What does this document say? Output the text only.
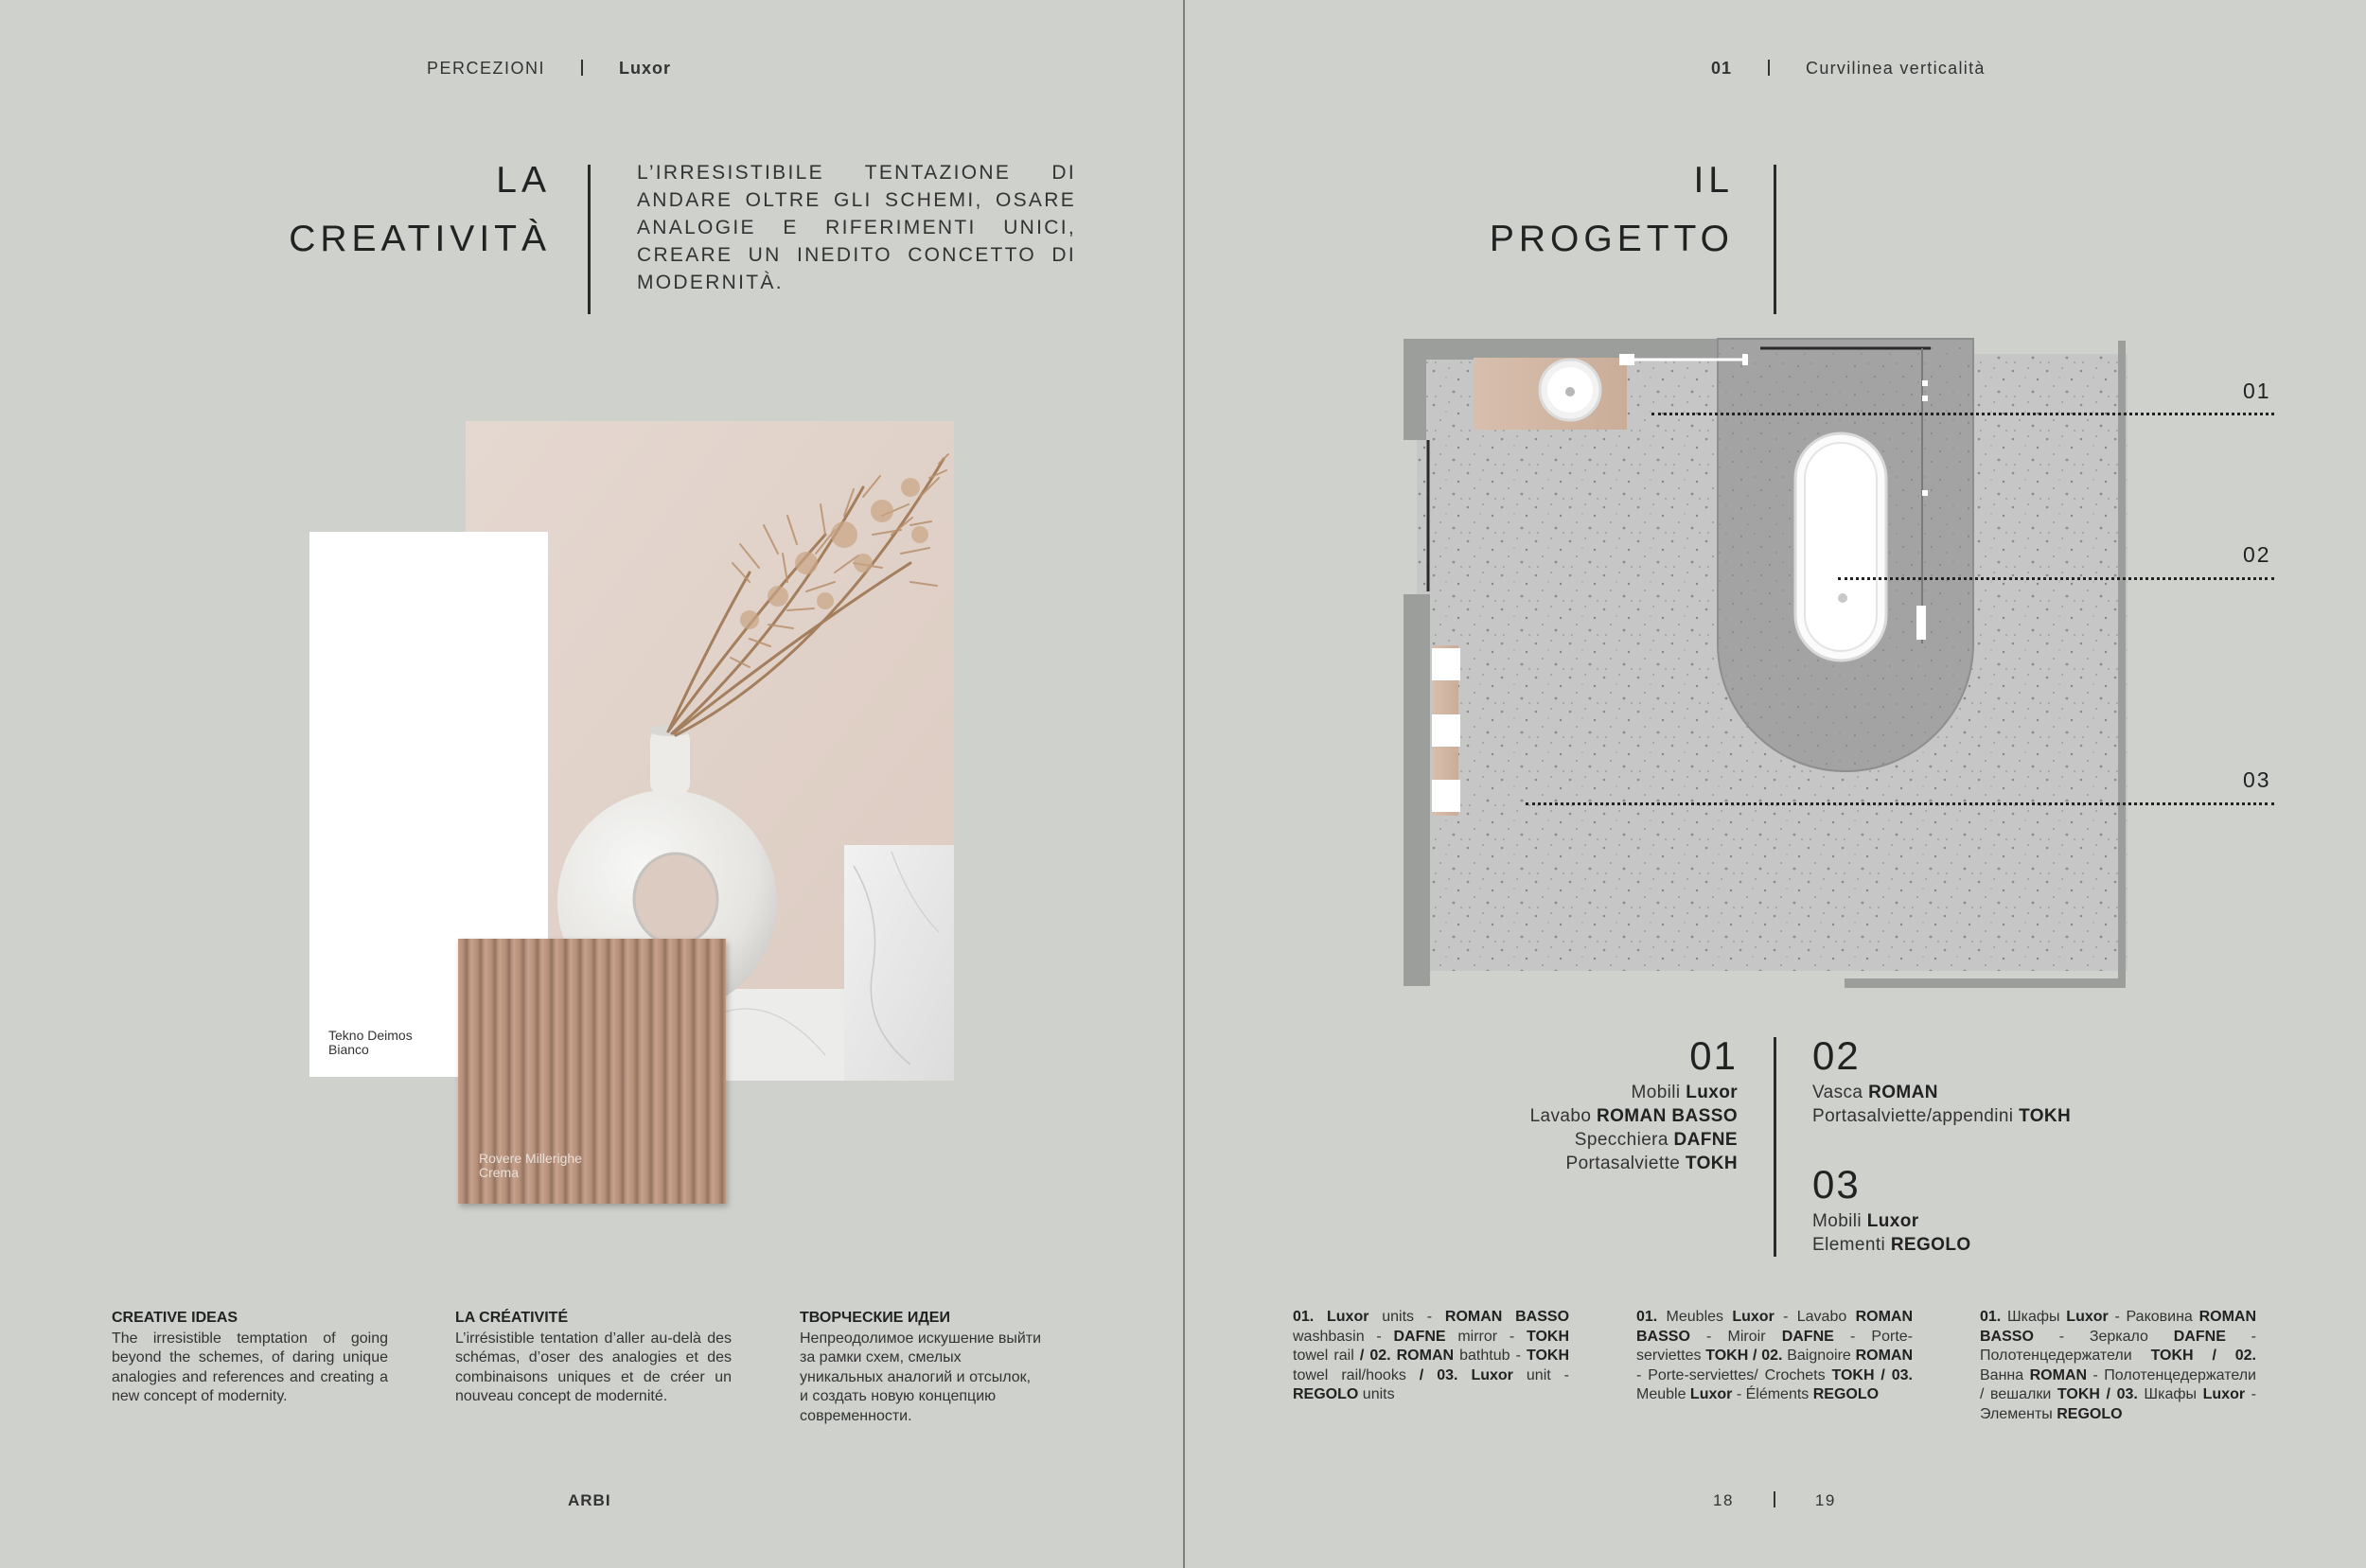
PERCEZIONI	Luxor
LA
CREATIVITÀ
L’IRRESISTIBILE TENTAZIONE DI ANDARE OLTRE GLI SCHEMI, OSARE ANALOGIE E RIFERIMENTI UNICI, CREARE UN INEDITO CONCETTO DI MODERNITÀ.
Tekno Deimos
Bianco
Rovere Millerighe
Crema
CREATIVE IDEAS
The irresistible temptation of going beyond the schemes, of daring unique analogies and references and creating a new concept of modernity.
LA CRÉATIVITÉ
L’irrésistible tentation d’aller au-delà des schémas, d’oser des analogies et des combinaisons uniques et de créer un nouveau concept de modernité.
ТВОРЧЕСКИЕ ИДЕИ
Непреодолимое искушение выйти
за рамки схем, смелых
уникальных аналогий и отсылок,
и создать новую концепцию
современности.
ARBI
01	Curvilinea verticalità
IL
PROGETTO
01
02
03
01
Mobili Luxor
Lavabo ROMAN BASSO
Specchiera DAFNE
Portasalviette TOKH
02
Vasca ROMAN
Portasalviette/appendini TOKH
03
Mobili Luxor
Elementi REGOLO
01. Luxor units - ROMAN BASSO washbasin - DAFNE mirror - TOKH towel rail / 02. ROMAN bathtub - TOKH towel rail/hooks / 03. Luxor unit - REGOLO units
01. Meubles Luxor - Lavabo ROMAN BASSO - Miroir DAFNE - Porte-serviettes TOKH / 02. Baignoire ROMAN - Porte-serviettes/ Crochets TOKH / 03. Meuble Luxor - Éléments REGOLO
01. Шкафы Luxor - Раковина ROMAN BASSO - Зеркало DAFNE - Полотенцедержатели TOKH / 02. Ванна ROMAN - Полотенцедержатели / вешалки TOKH / 03. Шкафы Luxor - Элементы REGOLO
18	19
